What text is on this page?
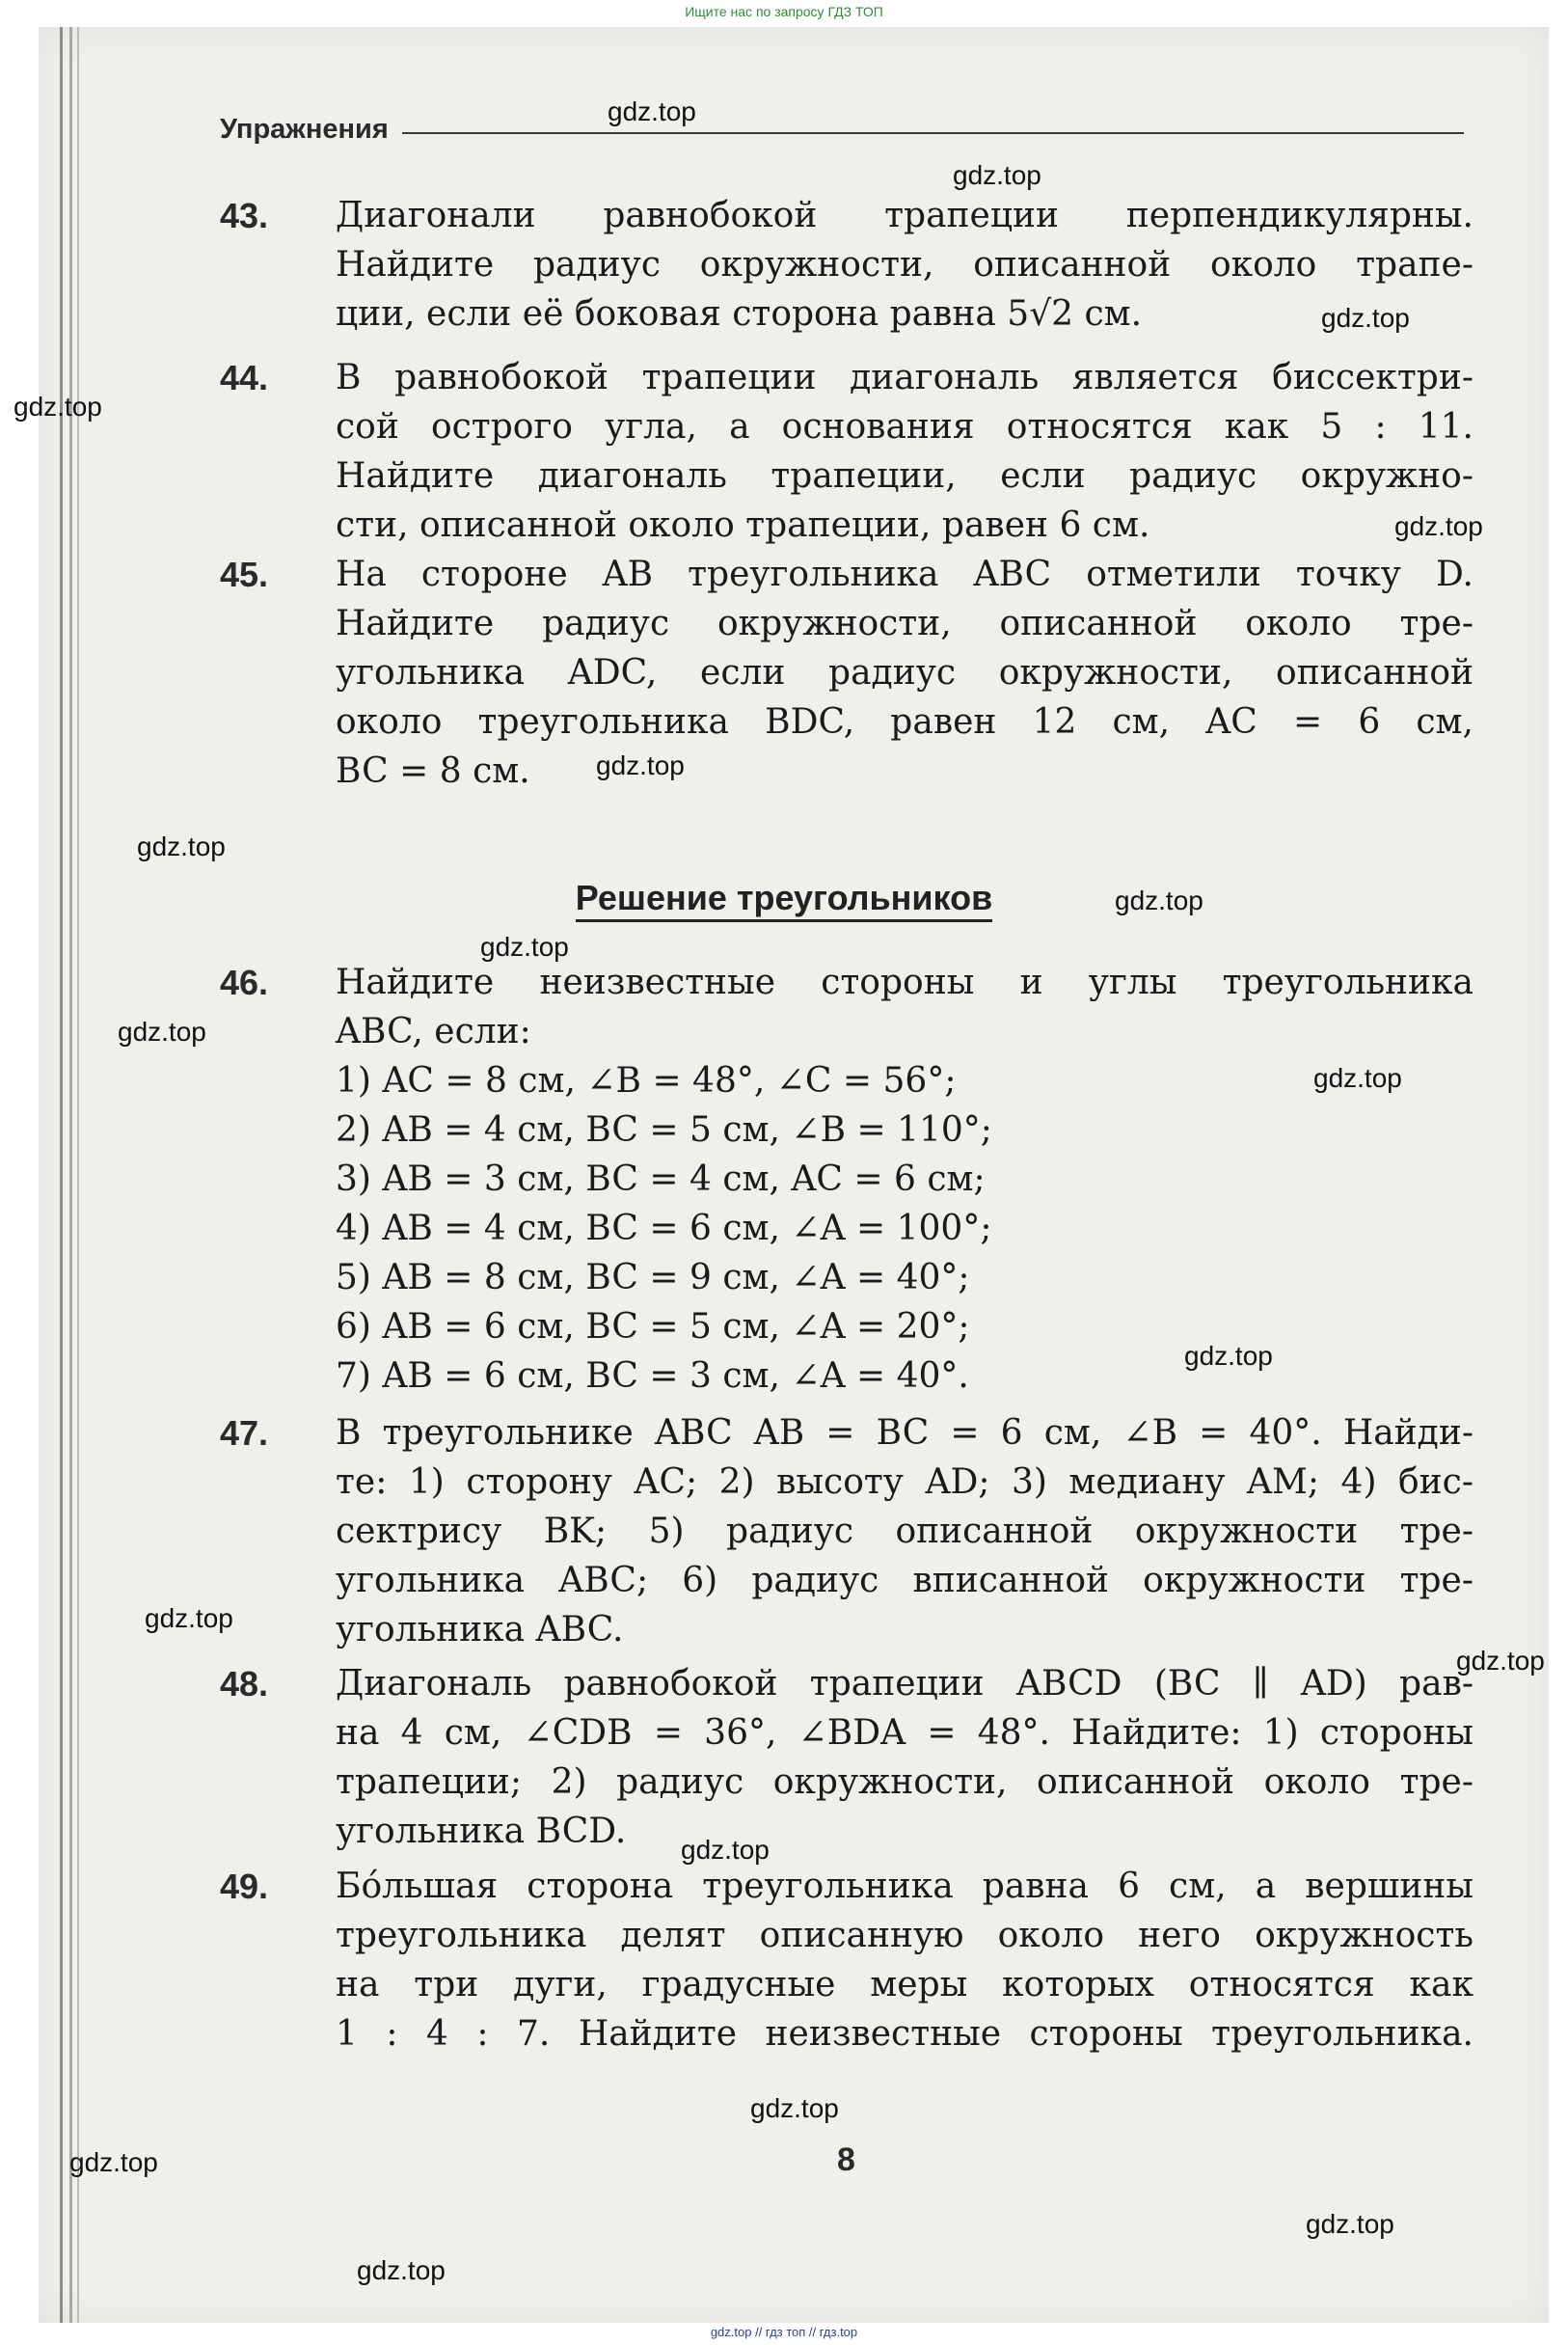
Ищите нас по запросу ГДЗ ТОП
Упражнения
43. Диагонали равнобокой трапеции перпендикулярны.
Найдите радиус окружности, описанной около трапе-
ции, если её боковая сторона равна 5√2 см.
44. В равнобокой трапеции диагональ является биссектри-
сой острого угла, а основания относятся как 5 : 11.
Найдите диагональ трапеции, если радиус окружно-
сти, описанной около трапеции, равен 6 см.
45. На стороне AB треугольника ABC отметили точку D.
Найдите радиус окружности, описанной около тре-
угольника ADC, если радиус окружности, описанной
около треугольника BDC, равен 12 см, AC = 6 см,
BC = 8 см.
Решение треугольников
46. Найдите неизвестные стороны и углы треугольника
ABC, если:
1) AC = 8 см, ∠B = 48°, ∠C = 56°;
2) AB = 4 см, BC = 5 см, ∠B = 110°;
3) AB = 3 см, BC = 4 см, AC = 6 см;
4) AB = 4 см, BC = 6 см, ∠A = 100°;
5) AB = 8 см, BC = 9 см, ∠A = 40°;
6) AB = 6 см, BC = 5 см, ∠A = 20°;
7) AB = 6 см, BC = 3 см, ∠A = 40°.
47. В треугольнике ABC AB = BC = 6 см, ∠B = 40°. Найди-
те: 1) сторону AC; 2) высоту AD; 3) медиану AM; 4) бис-
сектрису BK; 5) радиус описанной окружности тре-
угольника ABC; 6) радиус вписанной окружности тре-
угольника ABC.
48. Диагональ равнобокой трапеции ABCD (BC ∥ AD) рав-
на 4 см, ∠CDB = 36°, ∠BDA = 48°. Найдите: 1) стороны
трапеции; 2) радиус окружности, описанной около тре-
угольника BCD.
49. Бóльшая сторона треугольника равна 6 см, а вершины
треугольника делят описанную около него окружность
на три дуги, градусные меры которых относятся как
1 : 4 : 7. Найдите неизвестные стороны треугольника.
8
gdz.top
gdz.top
gdz.top
gdz.top
gdz.top
gdz.top
gdz.top
gdz.top
gdz.top
gdz.top
gdz.top
gdz.top
gdz.top
gdz.top
gdz.top
gdz.top
gdz.top
gdz.top
gdz.top
gdz.top // гдз топ // гдз.top
